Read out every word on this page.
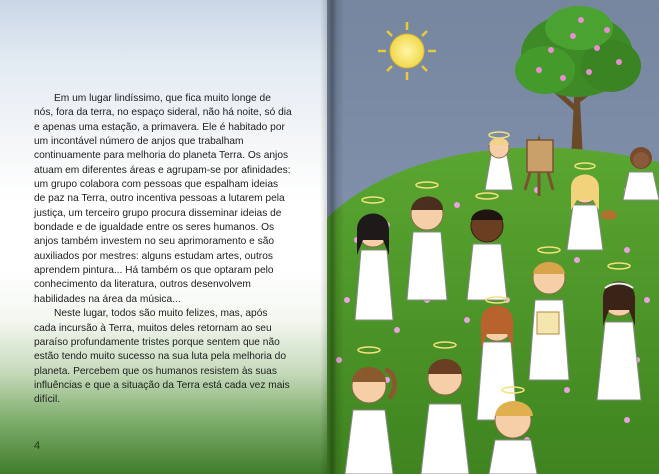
Em um lugar lindíssimo, que fica muito longe de nós, fora da terra, no espaço sideral, não há noite, só dia e apenas uma estação, a primavera. Ele é habitado por um incontável número de anjos que trabalham continuamente para melhoria do planeta Terra. Os anjos atuam em diferentes áreas e agrupam-se por afinidades: um grupo colabora com pessoas que espalham ideias de paz na Terra, outro incentiva pessoas a lutarem pela justiça, um terceiro grupo procura disseminar ideias de bondade e de igualdade entre os seres humanos. Os anjos também investem no seu aprimoramento e são auxiliados por mestres: alguns estudam artes, outros aprendem pintura... Há também os que optaram pelo conhecimento da literatura, outros desenvolvem habilidades na área da música...

Neste lugar, todos são muito felizes, mas, após cada incursão à Terra, muitos deles retornam ao seu paraíso profundamente tristes porque sentem que não estão tendo muito sucesso na sua luta pela melhoria do planeta. Percebem que os humanos resistem às suas influências e que a situação da Terra está cada vez mais difícil.

4
